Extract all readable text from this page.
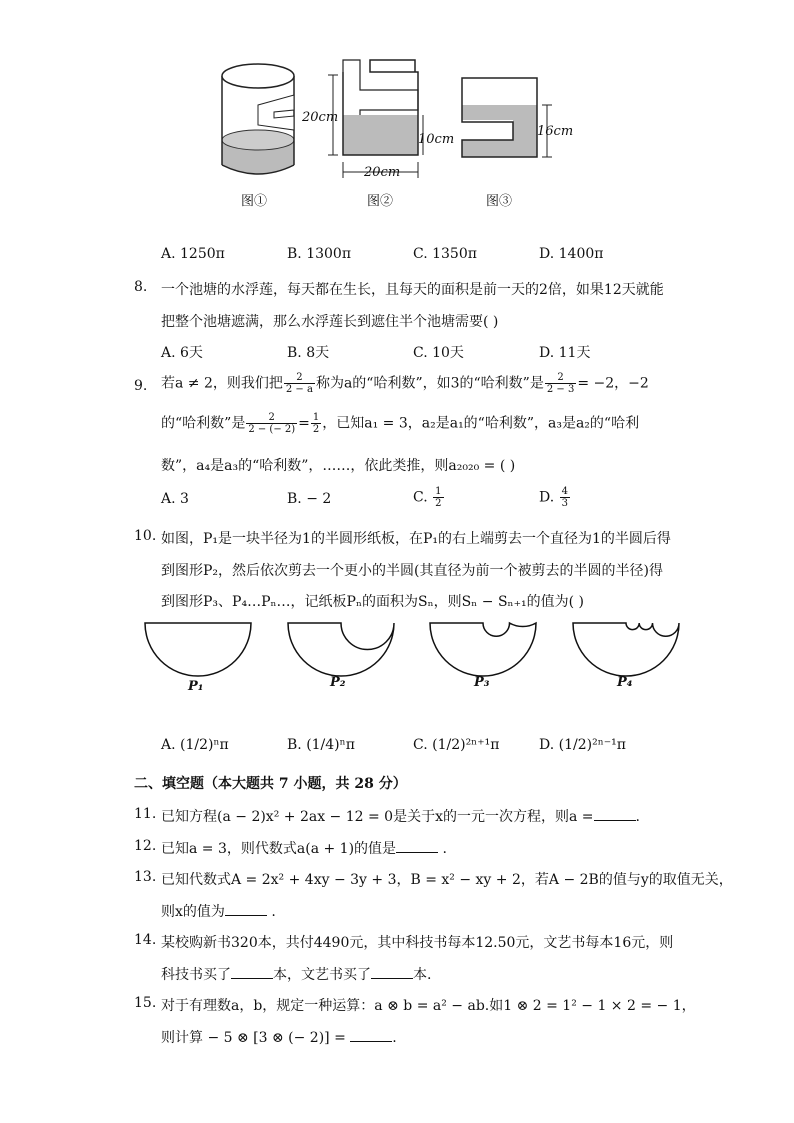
20cm
10cm
20cm
16cm
图①	图②	图③
A. 1250π	B. 1300π	C. 1350π	D. 1400π
8. 一个池塘的水浮莲，每天都在生长，且每天的面积是前一天的2倍，如果12天就能
把整个池塘遮满，那么水浮莲长到遮住半个池塘需要( )
A. 6天	B. 8天	C. 10天	D. 11天
9. 若a ≠ 2，则我们把 $\frac{2}{2 - a}$ 称为a的“哈利数”，如3的“哈利数”是 $\frac{2}{2 - 3} = -2$，−2
的“哈利数”是 $\frac{2}{2 - (- 2)} = \frac{1}{2}$ ，已知a₁ = 3，a₂是a₁的“哈利数”，a₃是a₂的“哈利
数”，a₄是a₃的“哈利数”，……，依此类推，则a₂₀₂₀ = ( )
A. 3	B. − 2	C. $\frac{1}{2}$	D. $\frac{4}{3}$
10. 如图，P₁是一块半径为1的半圆形纸板，在P₁的右上端剪去一个直径为1的半圆后得
到图形P₂，然后依次剪去一个更小的半圆(其直径为前一个被剪去的半圆的半径)得
到图形P₃、P₄…Pₙ…，记纸板Pₙ的面积为Sₙ，则Sₙ − Sₙ₊₁的值为( )
P₁	P₂	P₃	P₄
A. (1/2)ⁿπ	B. (1/4)ⁿπ	C. (1/2)²ⁿ⁺¹π	D. (1/2)²ⁿ⁻¹π
二、填空题（本大题共 7 小题，共 28 分）
11. 已知方程(a − 2)x² + 2ax − 12 = 0是关于x的一元一次方程，则a =	.
12. 已知a = 3，则代数式a(a + 1)的值是	.
13. 已知代数式A = 2x² + 4xy − 3y + 3，B = x² − xy + 2，若A − 2B的值与y的取值无关，
则x的值为	.
14. 某校购新书320本，共付4490元，其中科技书每本12.50元，文艺书每本16元，则
科技书买了	本，文艺书买了	本.
15. 对于有理数a，b，规定一种运算：a ⊗ b = a² − ab.如1 ⊗ 2 = 1² − 1 × 2 = − 1，
则计算 − 5 ⊗ [3 ⊗ (− 2)] =	.
